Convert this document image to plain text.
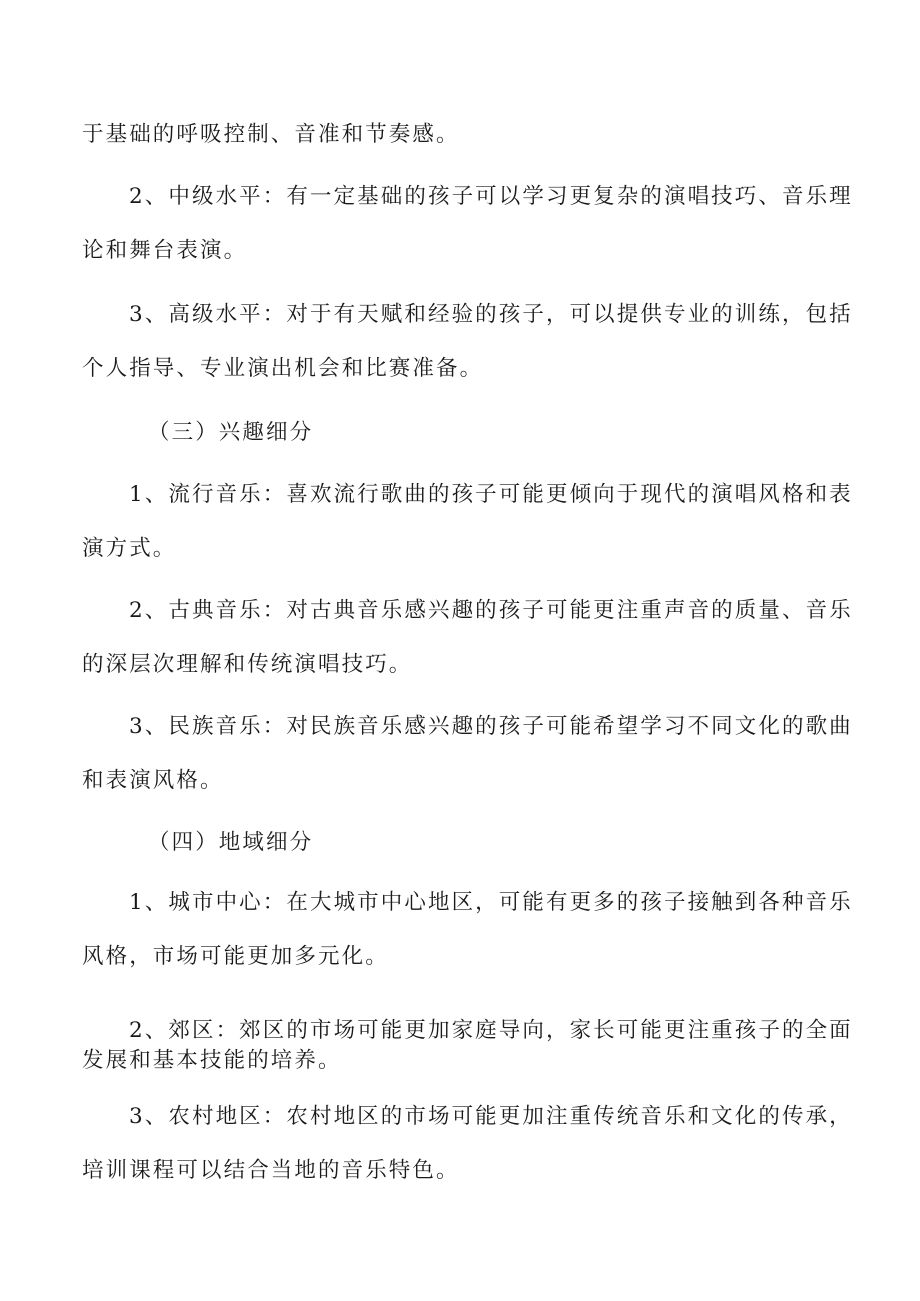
于基础的呼吸控制、音准和节奏感。
2、中级水平：有一定基础的孩子可以学习更复杂的演唱技巧、音乐理
论和舞台表演。
3、高级水平：对于有天赋和经验的孩子，可以提供专业的训练，包括
个人指导、专业演出机会和比赛准备。
（三）兴趣细分
1、流行音乐：喜欢流行歌曲的孩子可能更倾向于现代的演唱风格和表
演方式。
2、古典音乐：对古典音乐感兴趣的孩子可能更注重声音的质量、音乐
的深层次理解和传统演唱技巧。
3、民族音乐：对民族音乐感兴趣的孩子可能希望学习不同文化的歌曲
和表演风格。
（四）地域细分
1、城市中心：在大城市中心地区，可能有更多的孩子接触到各种音乐
风格，市场可能更加多元化。
2、郊区：郊区的市场可能更加家庭导向，家长可能更注重孩子的全面
发展和基本技能的培养。
3、农村地区：农村地区的市场可能更加注重传统音乐和文化的传承，
培训课程可以结合当地的音乐特色。
